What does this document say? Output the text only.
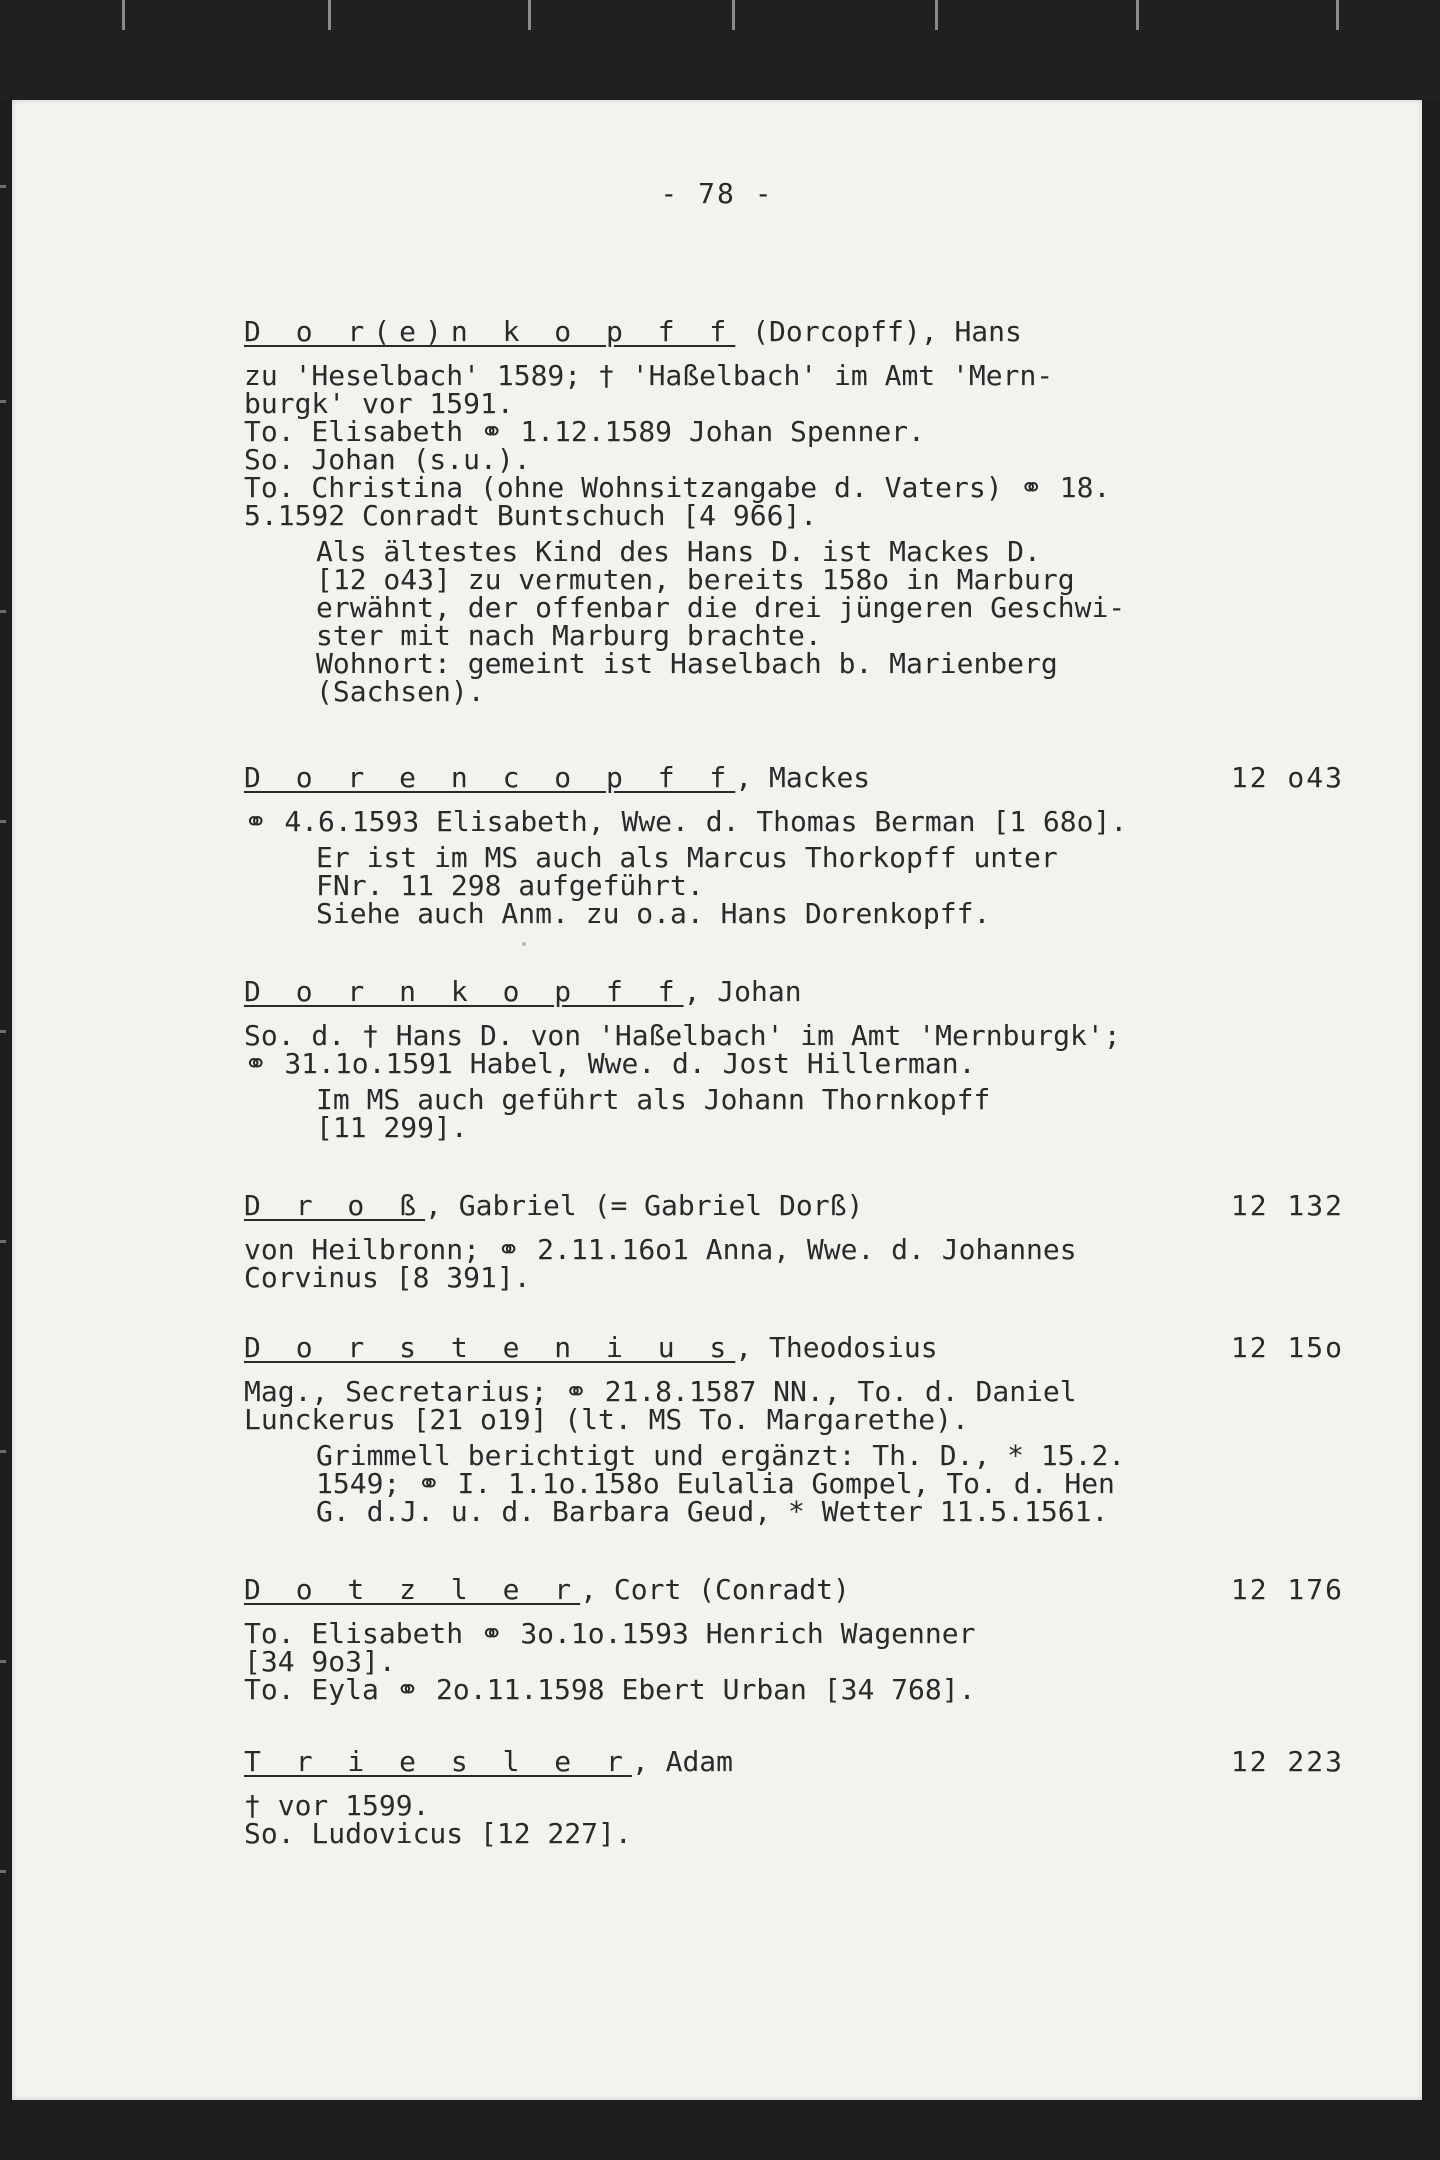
- 78 -
D o r(e)n k o p f f (Dorcopff), Hans
zu 'Heselbach' 1589; † 'Haßelbach' im Amt 'Mern-
burgk' vor 1591.
To. Elisabeth ⚭ 1.12.1589 Johan Spenner.
So. Johan (s.u.).
To. Christina (ohne Wohnsitzangabe d. Vaters) ⚭ 18.
5.1592 Conradt Buntschuch [4 966].
Als ältestes Kind des Hans D. ist Mackes D.
[12 o43] zu vermuten, bereits 158o in Marburg
erwähnt, der offenbar die drei jüngeren Geschwi-
ster mit nach Marburg brachte.
Wohnort: gemeint ist Haselbach b. Marienberg
(Sachsen).
D o r e n c o p f f, Mackes	12 o43
⚭ 4.6.1593 Elisabeth, Wwe. d. Thomas Berman [1 68o].
Er ist im MS auch als Marcus Thorkopff unter
FNr. 11 298 aufgeführt.
Siehe auch Anm. zu o.a. Hans Dorenkopff.
D o r n k o p f f, Johan
So. d. † Hans D. von 'Haßelbach' im Amt 'Mernburgk';
⚭ 31.1o.1591 Habel, Wwe. d. Jost Hillerman.
Im MS auch geführt als Johann Thornkopff
[11 299].
D r o ß, Gabriel (= Gabriel Dorß)	12 132
von Heilbronn; ⚭ 2.11.16o1 Anna, Wwe. d. Johannes
Corvinus [8 391].
D o r s t e n i u s, Theodosius	12 15o
Mag., Secretarius; ⚭ 21.8.1587 NN., To. d. Daniel
Lunckerus [21 o19] (lt. MS To. Margarethe).
Grimmell berichtigt und ergänzt: Th. D., * 15.2.
1549; ⚭ I. 1.1o.158o Eulalia Gompel, To. d. Hen
G. d.J. u. d. Barbara Geud, * Wetter 11.5.1561.
D o t z l e r, Cort (Conradt)	12 176
To. Elisabeth ⚭ 3o.1o.1593 Henrich Wagenner
[34 9o3].
To. Eyla ⚭ 2o.11.1598 Ebert Urban [34 768].
T r i e s l e r, Adam	12 223
† vor 1599.
So. Ludovicus [12 227].
